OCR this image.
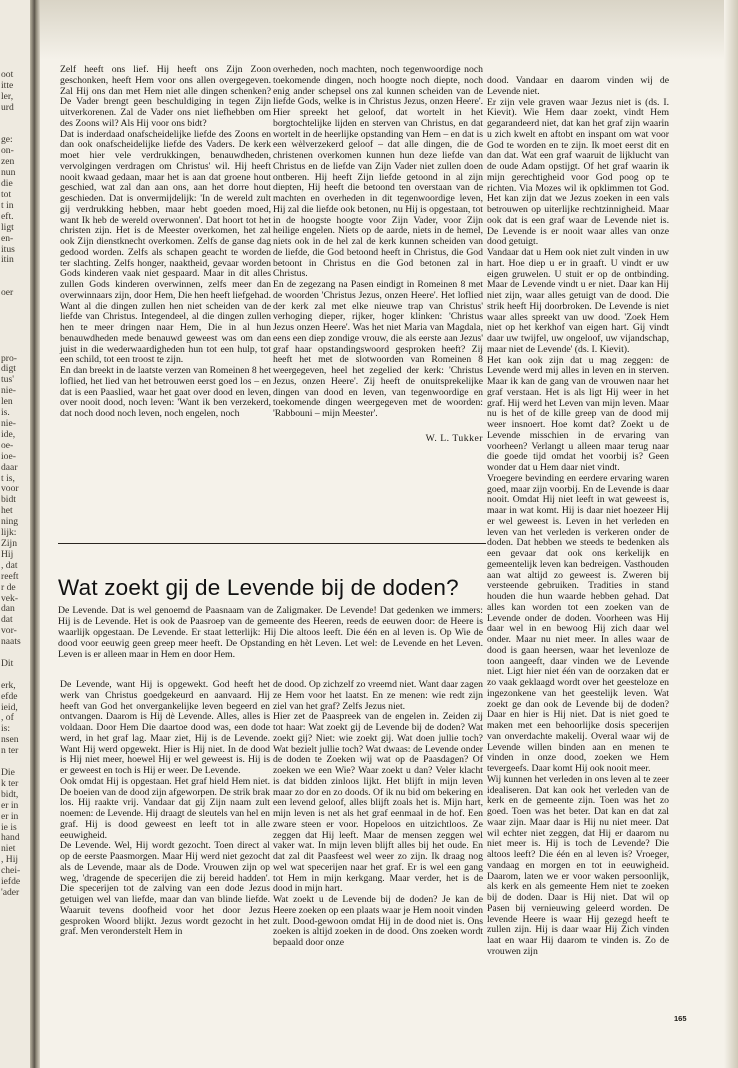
oot
itte
ler,
urd

ge:
on-
zen
nun
die
tot
t in
eft.
ligt
en-
itus
itin

oer

pro-
digt
tus'
nie-
len
is.
nie-
ide,
oe-
ioe-
daar
t is,
voor
bidt
het
ning
lijk:
Zijn
Hij
, dat
reeft
r de
vek-
dan
dat
vor-
naats

Dit

erk,
efde
ieid,
, of
is:
nsen
n ter

Die
k ter
bidt,
er in
er in
ie is
hand
niet
, Hij
chei-
iefde
'ader

Zelf heeft ons lief. Hij heeft ons Zijn Zoon geschonken, heeft Hem voor ons allen overgegeven. Zal Hij ons dan met Hem niet alle dingen schenken? De Vader brengt geen beschuldiging in tegen Zijn uitverkorenen. Zal de Vader ons niet liefhebben om des Zoons wil? Als Hij voor ons bidt?

Dat is inderdaad onafscheidelijke liefde des Zoons en dan ook onafscheidelijke liefde des Vaders. De kerk moet hier vele verdrukkingen, benauwdheden, vervolgingen verdragen om Christus' wil. Hij heeft nooit kwaad gedaan, maar het is aan dat groene hout geschied, wat zal dan aan ons, aan het dorre hout geschieden. Dat is onvermijdelijk: 'In de wereld zult gij verdrukking hebben, maar hebt goeden moed, want Ik heb de wereld overwonnen'. Dat hoort tot het christen zijn. Het is de Meester overkomen, het zal ook Zijn dienstknecht overkomen. Zelfs de ganse dag gedood worden. Zelfs als schapen geacht te worden ter slachting. Zelfs honger, naaktheid, gevaar worden Gods kinderen vaak niet gespaard. Maar in dit alles zullen Gods kinderen overwinnen, zelfs meer dan overwinnaars zijn, door Hem, Die hen heeft liefgehad. Want al die dingen zullen hen niet scheiden van de liefde van Christus. Integendeel, al die dingen zullen hen te meer dringen naar Hem, Die in al hun benauwdheden mede benauwd geweest was om dan juist in die wederwaardigheden hun tot een hulp, tot een schild, tot een troost te zijn.

En dan breekt in de laatste verzen van Romeinen 8 het loflied, het lied van het betrouwen eerst goed los – en dat is een Paaslied, waar het gaat over dood en leven, over nooit dood, noch leven: 'Want ik ben verzekerd, dat noch dood noch leven, noch engelen, noch

overheden, noch machten, noch tegenwoordige noch toekomende dingen, noch hoogte noch diepte, noch enig ander schepsel ons zal kunnen scheiden van de liefde Gods, welke is in Christus Jezus, onzen Heere'. Hier spreekt het geloof, dat wortelt in het borgtochtelijke lijden en sterven van Christus, en dat wortelt in de heerlijke opstanding van Hem – en dat is een wèlverzekerd geloof – dat alle dingen, die de christenen overkomen kunnen hun deze liefde van Christus en de liefde van Zijn Vader niet zullen doen ontberen. Hij heeft Zijn liefde getoond in al zijn diepten, Hij heeft die betoond ten overstaan van de machten en overheden in dit tegenwoordige leven, Hij zal die liefde ook betonen, nu Hij is opgestaan, tot in de hoogste hoogte voor Zijn Vader, voor Zijn heilige engelen. Niets op de aarde, niets in de hemel, niets ook in de hel zal de kerk kunnen scheiden van de liefde, die God betoond heeft in Christus, die God betoont in Christus en die God betonen zal in Christus.

En de zegezang na Pasen eindigt in Romeinen 8 met de woorden 'Christus Jezus, onzen Heere'. Het loflied der kerk zal met elke nieuwe trap van Christus' verhoging dieper, rijker, hoger klinken: 'Christus Jezus onzen Heere'. Was het niet Maria van Magdala, eens een diep zondige vrouw, die als eerste aan Jezus' graf haar opstandingswoord gesproken heeft? Zij heeft het met de slotwoorden van Romeinen 8 weergegeven, heel het zegelied der kerk: 'Christus Jezus, onzen Heere'. Zij heeft de onuitsprekelijke dingen van dood en leven, van tegenwoordige en toekomende dingen weergegeven met de woorden: 'Rabbouni – mijn Meester'.

W. L. Tukker
Wat zoekt gij de Levende bij de doden?

De Levende. Dat is wel genoemd de Paasnaam van de Zaligmaker. De Levende! Dat gedenken we immers: Hij is de Levende. Het is ook de Paasroep van de gemeente des Heeren, reeds de eeuwen door: de Heere is waarlijk opgestaan. De Levende. Er staat letterlijk: Hij Die altoos leeft. Die één en al leven is. Op Wie de dood voor eeuwig geen greep meer heeft. De Opstanding en hèt Leven. Let wel: de Levende en het Leven. Leven is er alleen maar in Hem en door Hem.

De Levende, want Hij is opgewekt. God heeft het werk van Christus goedgekeurd en aanvaard. Hij heeft van God het onvergankelijke leven begeerd en ontvangen. Daarom is Hij dè Levende. Alles, alles is voldaan. Door Hem Die daartoe dood was, een dode werd, in het graf lag. Maar ziet, Hij is de Levende. Want Hij werd opgewekt. Hier is Hij niet. In de dood is Hij niet meer, hoewel Hij er wel geweest is. Hij is er geweest en toch is Hij er weer. De Levende.

Ook omdat Hij is opgestaan. Het graf hield Hem niet. De boeien van de dood zijn afgeworpen. De strik brak los. Hij raakte vrij. Vandaar dat gij Zijn naam zult noemen: de Levende. Hij draagt de sleutels van hel en graf. Hij is dood geweest en leeft tot in alle eeuwigheid.

De Levende. Wel, Hij wordt gezocht. Toen direct al op de eerste Paasmorgen. Maar Hij werd niet gezocht als de Levende, maar als de Dode. Vrouwen zijn op weg, 'dragende de specerijen die zij bereid hadden'. Die specerijen tot de zalving van een dode Jezus getuigen wel van liefde, maar dan van blinde liefde. Waaruit tevens doofheid voor het door Jezus gesproken Woord blijkt. Jezus wordt gezocht in het graf. Men veronderstelt Hem in

de dood. Op zichzelf zo vreemd niet. Want daar zagen ze Hem voor het laatst. En ze menen: wie redt zijn ziel van het graf? Zelfs Jezus niet.

Hier zet de Paaspreek van de engelen in. Zeiden zij tot haar: Wat zoekt gij de Levende bij de doden? Wat zoekt gij? Niet: wie zoekt gij. Wat doen jullie toch? Wat bezielt jullie toch? Wat dwaas: de Levende onder de doden te Zoeken wij wat op de Paasdagen? Of zoeken we een Wie? Waar zoekt u dan? Veler klacht is dat bidden zinloos lijkt. Het blijft in mijn leven maar zo dor en zo doods. Of ik nu bid om bekering en een levend geloof, alles blijft zoals het is. Mijn hart, mijn leven is net als het graf eenmaal in de hof. Een zware steen er voor. Hopeloos en uitzichtloos. Ze zeggen dat Hij leeft. Maar de mensen zeggen wel vaker wat. In mijn leven blijft alles bij het oude. En dat zal dit Paasfeest wel weer zo zijn. Ik draag nog wel wat specerijen naar het graf. Er is wel een gang tot Hem in mijn kerkgang. Maar verder, het is de dood in mijn hart.

Wat zoekt u de Levende bij de doden? Je kan de Heere zoeken op een plaats waar je Hem nooit vinden zult. Dood-gewoon omdat Hij in de dood niet is. Ons zoeken is altijd zoeken in de dood. Ons zoeken wordt bepaald door onze

dood. Vandaar en daarom vinden wij de Levende niet.

Er zijn vele graven waar Jezus niet is (ds. I. Kievit). Wie Hem daar zoekt, vindt Hem gegarandeerd niet, dat kan het graf zijn waarin u zich kwelt en aftobt en inspant om wat voor God te worden en te zijn. Ik moet eerst dit en dan dat. Wat een graf waaruit de lijklucht van de oude Adam opstijgt. Of het graf waarin ik mijn gerechtigheid voor God poog op te richten. Via Mozes wil ik opklimmen tot God. Het kan zijn dat we Jezus zoeken in een vals betrouwen op uiterlijke rechtzinnigheid. Maar ook dat is een graf waar de Levende niet is. De Levende is er nooit waar alles van onze dood getuigt.

Vandaar dat u Hem ook niet zult vinden in uw hart. Hoe diep u er in graaft. U vindt er uw eigen gruwelen. U stuit er op de ontbinding. Maar de Levende vindt u er niet. Daar kan Hij niet zijn, waar alles getuigt van de dood. Die strik heeft Hij doorbroken. De Levende is niet waar alles spreekt van uw dood. 'Zoek Hem niet op het kerkhof van eigen hart. Gij vindt daar uw twijfel, uw ongeloof, uw vijandschap, maar niet de Levende' (ds. I. Kievit).

Het kan ook zijn dat u mag zeggen: de Levende werd mij alles in leven en in sterven. Maar ik kan de gang van de vrouwen naar het graf verstaan. Het is als ligt Hij weer in het graf. Hij werd het Leven van mijn leven. Maar nu is het of de kille greep van de dood mij weer insnoert. Hoe komt dat? Zoekt u de Levende misschien in de ervaring van voorheen? Verlangt u alleen maar terug naar die goede tijd omdat het voorbij is? Geen wonder dat u Hem daar niet vindt.

Vroegere bevinding en eerdere ervaring waren goed, maar zijn voorbij. En de Levende is daar nooit. Omdat Hij niet leeft in wat geweest is, maar in wat komt. Hij is daar niet hoezeer Hij er wel geweest is. Leven in het verleden en leven van het verleden is verkeren onder de doden. Dat hebben we steeds te bedenken als een gevaar dat ook ons kerkelijk en gemeentelijk leven kan bedreigen. Vasthouden aan wat altijd zo geweest is. Zweren bij versteende gebruiken. Tradities in stand houden die hun waarde hebben gehad. Dat alles kan worden tot een zoeken van de Levende onder de doden. Voorheen was Hij daar wel in en bewoog Hij zich daar wel onder. Maar nu niet meer. In alles waar de dood is gaan heersen, waar het levenloze de toon aangeeft, daar vinden we de Levende niet. Ligt hier niet één van de oorzaken dat er zo vaak geklaagd wordt over het geesteloze en ingezonkene van het geestelijk leven. Wat zoekt ge dan ook de Levende bij de doden? Daar en hier is Hij niet. Dat is niet goed te maken met een behoorlijke dosis specerijen van onverdachte makelij. Overal waar wij de Levende willen binden aan en menen te vinden in onze dood, zoeken we Hem tevergeefs. Daar komt Hij ook nooit meer.

Wij kunnen het verleden in ons leven al te zeer idealiseren. Dat kan ook het verleden van de kerk en de gemeente zijn. Toen was het zo goed. Toen was het beter. Dat kan en dat zal waar zijn. Maar daar is Hij nu niet meer. Dat wil echter niet zeggen, dat Hij er daarom nu niet meer is. Hij is toch de Levende? Die altoos leeft? Die één en al leven is? Vroeger, vandaag en morgen en tot in eeuwigheid. Daarom, laten we er voor waken persoonlijk, als kerk en als gemeente Hem niet te zoeken bij de doden. Daar is Hij niet. Dat wil op Pasen bij vernieuwing geleerd worden. De levende Heere is waar Hij gezegd heeft te zullen zijn. Hij is daar waar Hij Zich vinden laat en waar Hij daarom te vinden is. Zo de vrouwen zijn

165
